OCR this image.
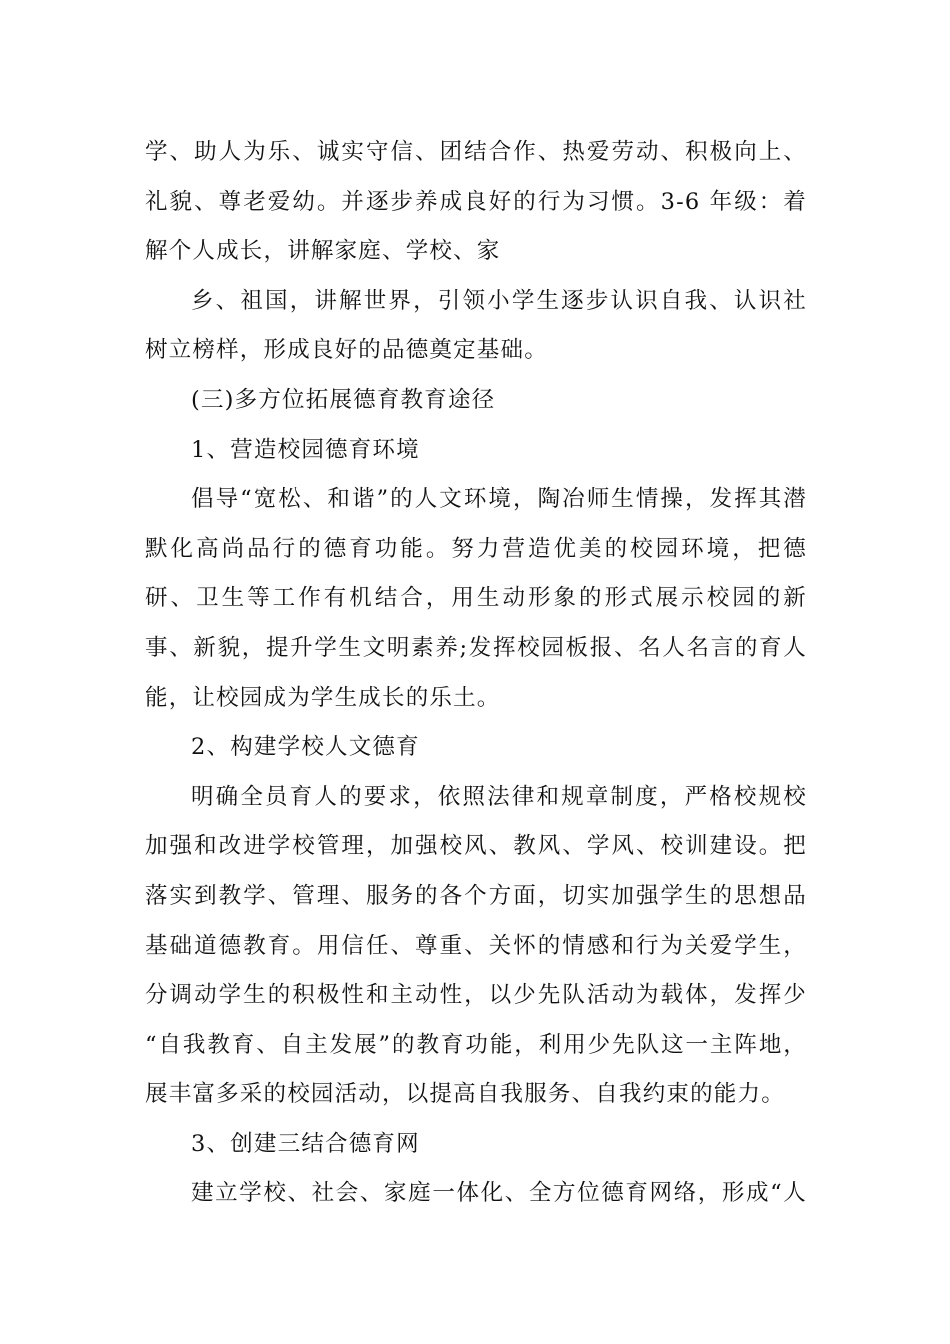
学、助人为乐、诚实守信、团结合作、热爱劳动、积极向上、
礼貌、尊老爱幼。并逐步养成良好的行为习惯。3-6 年级：着
解个人成长，讲解家庭、学校、家
乡、祖国，讲解世界，引领小学生逐步认识自我、认识社
树立榜样，形成良好的品德奠定基础。
(三)多方位拓展德育教育途径
1、营造校园德育环境
倡导“宽松、和谐”的人文环境，陶冶师生情操，发挥其潜
默化高尚品行的德育功能。努力营造优美的校园环境，把德
研、卫生等工作有机结合，用生动形象的形式展示校园的新
事、新貌，提升学生文明素养;发挥校园板报、名人名言的育人
能，让校园成为学生成长的乐土。
2、构建学校人文德育
明确全员育人的要求，依照法律和规章制度，严格校规校
加强和改进学校管理，加强校风、教风、学风、校训建设。把
落实到教学、管理、服务的各个方面，切实加强学生的思想品
基础道德教育。用信任、尊重、关怀的情感和行为关爱学生，
分调动学生的积极性和主动性，以少先队活动为载体，发挥少
“自我教育、自主发展”的教育功能，利用少先队这一主阵地，
展丰富多采的校园活动，以提高自我服务、自我约束的能力。
3、创建三结合德育网
建立学校、社会、家庭一体化、全方位德育网络，形成“人
